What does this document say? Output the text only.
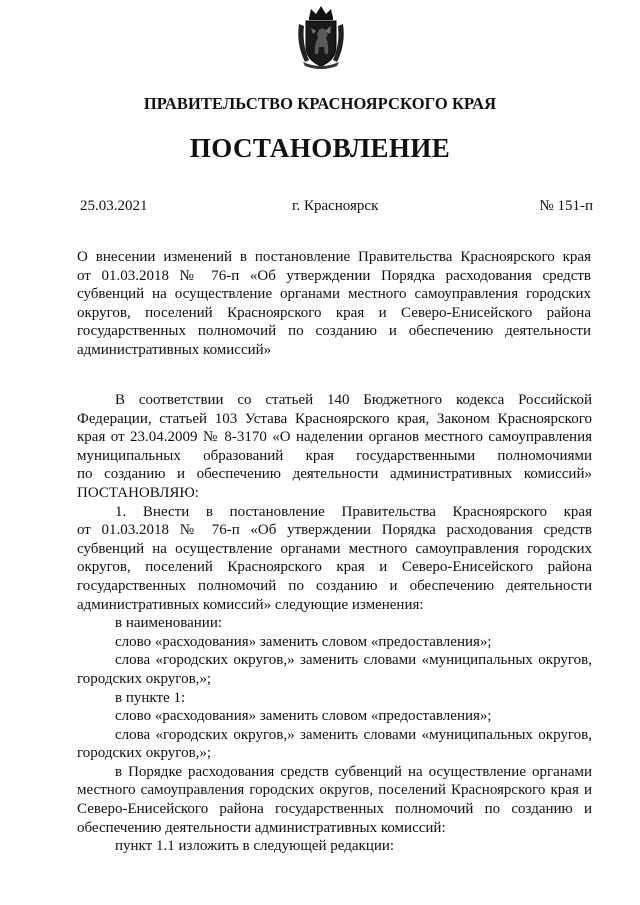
ПРАВИТЕЛЬСТВО КРАСНОЯРСКОГО КРАЯ
ПОСТАНОВЛЕНИЕ
25.03.2021	г. Красноярск	№ 151-п
О внесении изменений в постановление Правительства Красноярского края
от 01.03.2018 № 76-п «Об утверждении Порядка расходования средств
субвенций на осуществление органами местного самоуправления городских
округов, поселений Красноярского края и Северо-Енисейского района
государственных полномочий по созданию и обеспечению деятельности
административных комиссий»
В соответствии со статьей 140 Бюджетного кодекса Российской
Федерации, статьей 103 Устава Красноярского края, Законом Красноярского
края от 23.04.2009 № 8-3170 «О наделении органов местного самоуправления
муниципальных образований края государственными полномочиями
по созданию и обеспечению деятельности административных комиссий»
ПОСТАНОВЛЯЮ:
1. Внести в постановление Правительства Красноярского края
от 01.03.2018 № 76-п «Об утверждении Порядка расходования средств
субвенций на осуществление органами местного самоуправления городских
округов, поселений Красноярского края и Северо-Енисейского района
государственных полномочий по созданию и обеспечению деятельности
административных комиссий» следующие изменения:
в наименовании:
слово «расходования» заменить словом «предоставления»;
слова «городских округов,» заменить словами «муниципальных округов,
городских округов,»;
в пункте 1:
слово «расходования» заменить словом «предоставления»;
слова «городских округов,» заменить словами «муниципальных округов,
городских округов,»;
в Порядке расходования средств субвенций на осуществление органами
местного самоуправления городских округов, поселений Красноярского края и
Северо-Енисейского района государственных полномочий по созданию и
обеспечению деятельности административных комиссий:
пункт 1.1 изложить в следующей редакции:
